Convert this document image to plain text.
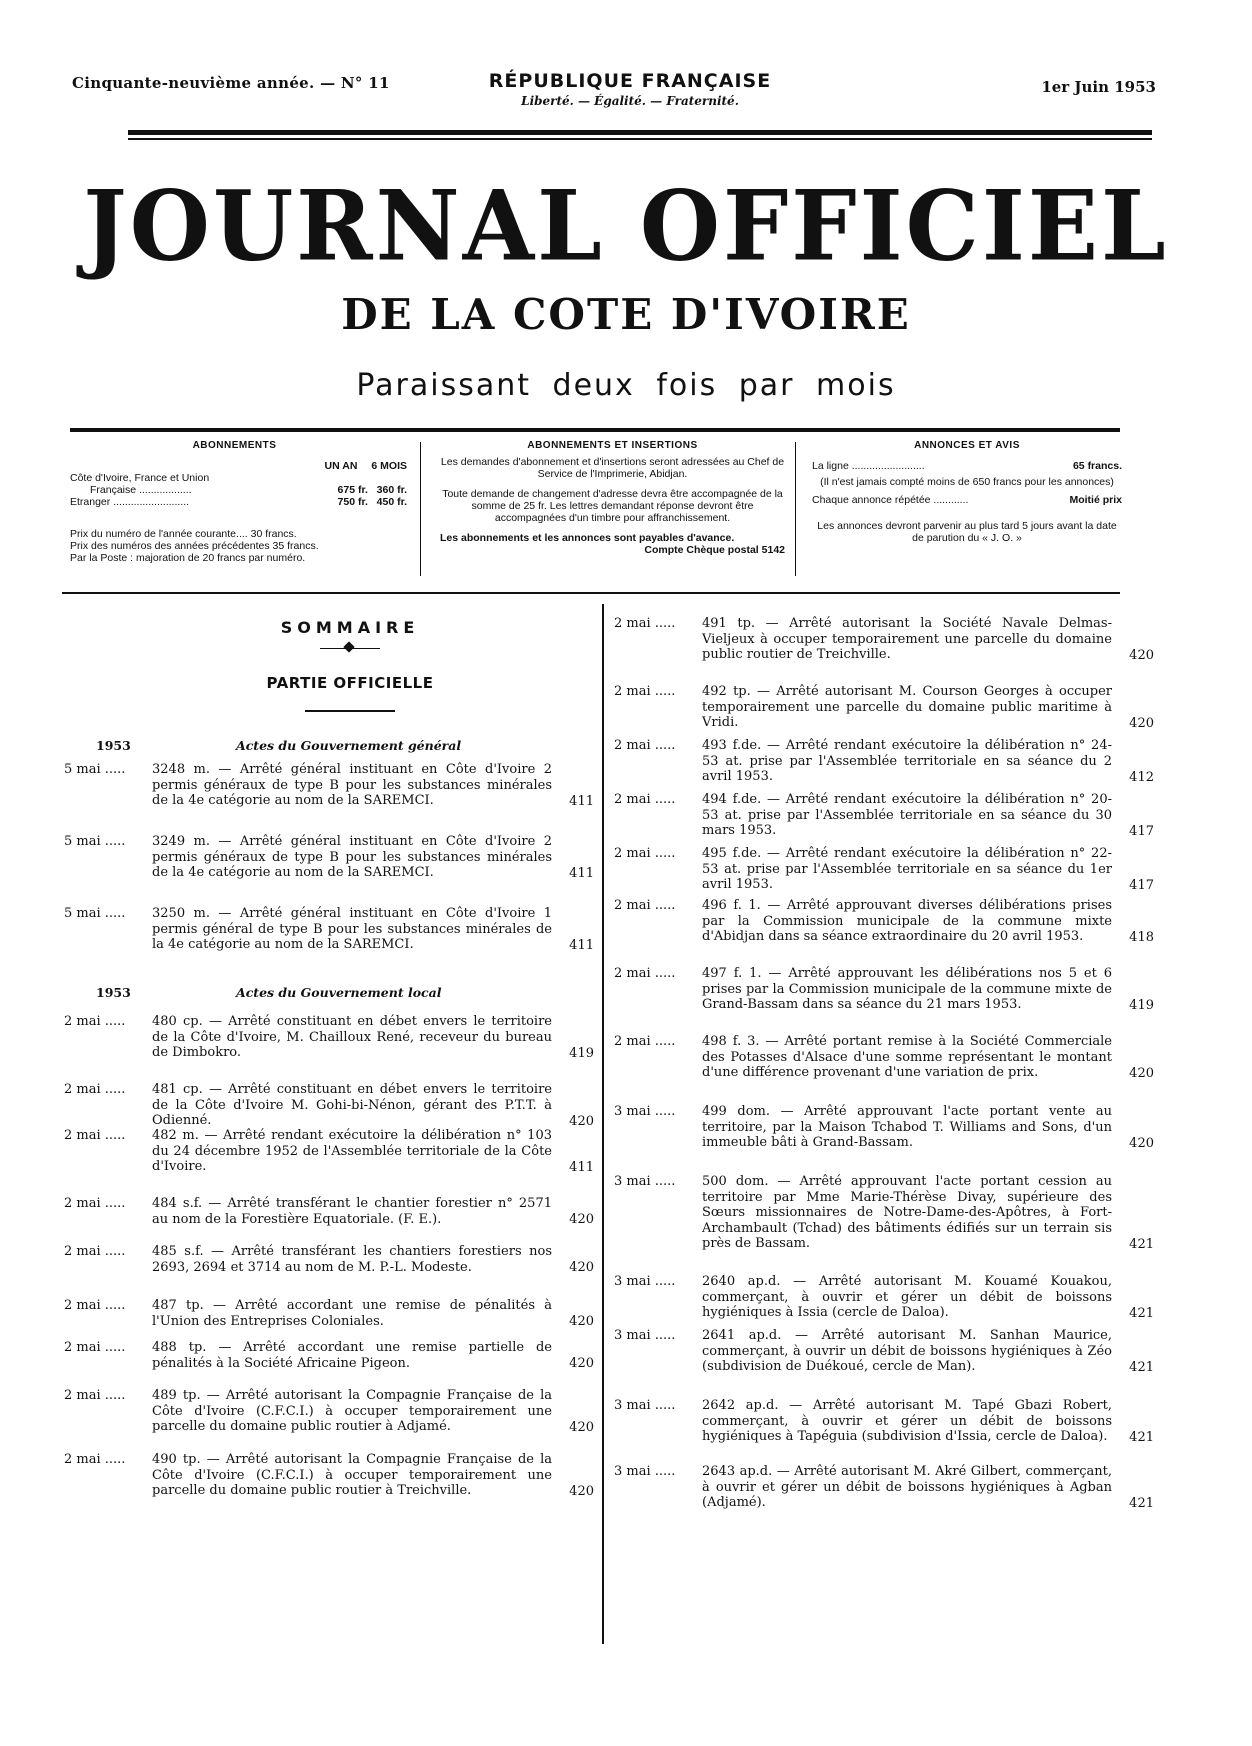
Cinquante-neuvième année. — N° 11	RÉPUBLIQUE FRANÇAISE
Liberté. — Égalité. — Fraternité.
1er Juin 1953
JOURNAL OFFICIEL
DE LA COTE D'IVOIRE
Paraissant deux fois par mois
ABONNEMENTS
UN AN 6 MOIS
Côte d'Ivoire, France et Union
Française ..................	675 fr. 360 fr.
Etranger ..........................	750 fr. 450 fr.
Prix du numéro de l'année courante.... 30 francs.
Prix des numéros des années précédentes 35 francs.
Par la Poste : majoration de 20 francs par numéro.
ABONNEMENTS ET INSERTIONS
Les demandes d'abonnement et d'insertions seront adressées au Chef de Service de l'Imprimerie, Abidjan.
Toute demande de changement d'adresse devra être accompagnée de la somme de 25 fr. Les lettres demandant réponse devront être accompagnées d'un timbre pour affranchissement.
Les abonnements et les annonces sont payables d'avance.
Compte Chèque postal 5142
ANNONCES ET AVIS
La ligne .........................	65 francs.
(Il n'est jamais compté moins de 650 francs pour les annonces)
Chaque annonce répétée ............	Moitié prix
Les annonces devront parvenir au plus tard 5 jours avant la date de parution du « J. O. »
SOMMAIRE
PARTIE OFFICIELLE
1953	Actes du Gouvernement général
1953	Actes du Gouvernement local
5 mai ..... 3248 m. — Arrêté général instituant en Côte d'Ivoire 2 permis généraux de type B pour les substances minérales de la 4e catégorie au nom de la SAREMCI.	411
5 mai ..... 3249 m. — Arrêté général instituant en Côte d'Ivoire 2 permis généraux de type B pour les substances minérales de la 4e catégorie au nom de la SAREMCI.	411
5 mai ..... 3250 m. — Arrêté général instituant en Côte d'Ivoire 1 permis général de type B pour les substances minérales de la 4e catégorie au nom de la SAREMCI.	411
2 mai ..... 480 cp. — Arrêté constituant en débet envers le territoire de la Côte d'Ivoire, M. Chailloux René, receveur du bureau de Dimbokro.	419
2 mai ..... 481 cp. — Arrêté constituant en débet envers le territoire de la Côte d'Ivoire M. Gohi-bi-Nénon, gérant des P.T.T. à Odienné.	420
2 mai ..... 482 m. — Arrêté rendant exécutoire la délibération n° 103 du 24 décembre 1952 de l'Assemblée territoriale de la Côte d'Ivoire.	411
2 mai ..... 484 s.f. — Arrêté transférant le chantier forestier n° 2571 au nom de la Forestière Equatoriale. (F. E.).	420
2 mai ..... 485 s.f. — Arrêté transférant les chantiers forestiers nos 2693, 2694 et 3714 au nom de M. P.-L. Modeste.	420
2 mai ..... 487 tp. — Arrêté accordant une remise de pénalités à l'Union des Entreprises Coloniales.	420
2 mai ..... 488 tp. — Arrêté accordant une remise partielle de pénalités à la Société Africaine Pigeon.	420
2 mai ..... 489 tp. — Arrêté autorisant la Compagnie Française de la Côte d'Ivoire (C.F.C.I.) à occuper temporairement une parcelle du domaine public routier à Adjamé.	420
2 mai ..... 490 tp. — Arrêté autorisant la Compagnie Française de la Côte d'Ivoire (C.F.C.I.) à occuper temporairement une parcelle du domaine public routier à Treichville.	420
2 mai ..... 491 tp. — Arrêté autorisant la Société Navale Delmas-Vieljeux à occuper temporairement une parcelle du domaine public routier de Treichville.	420
2 mai ..... 492 tp. — Arrêté autorisant M. Courson Georges à occuper temporairement une parcelle du domaine public maritime à Vridi.	420
2 mai ..... 493 f.de. — Arrêté rendant exécutoire la délibération n° 24-53 at. prise par l'Assemblée territoriale en sa séance du 2 avril 1953.	412
2 mai ..... 494 f.de. — Arrêté rendant exécutoire la délibération n° 20-53 at. prise par l'Assemblée territoriale en sa séance du 30 mars 1953.	417
2 mai ..... 495 f.de. — Arrêté rendant exécutoire la délibération n° 22-53 at. prise par l'Assemblée territoriale en sa séance du 1er avril 1953.	417
2 mai ..... 496 f. 1. — Arrêté approuvant diverses délibérations prises par la Commission municipale de la commune mixte d'Abidjan dans sa séance extraordinaire du 20 avril 1953.	418
2 mai ..... 497 f. 1. — Arrêté approuvant les délibérations nos 5 et 6 prises par la Commission municipale de la commune mixte de Grand-Bassam dans sa séance du 21 mars 1953.	419
2 mai ..... 498 f. 3. — Arrêté portant remise à la Société Commerciale des Potasses d'Alsace d'une somme représentant le montant d'une différence provenant d'une variation de prix.	420
3 mai ..... 499 dom. — Arrêté approuvant l'acte portant vente au territoire, par la Maison Tchabod T. Williams and Sons, d'un immeuble bâti à Grand-Bassam.	420
3 mai ..... 500 dom. — Arrêté approuvant l'acte portant cession au territoire par Mme Marie-Thérèse Divay, supérieure des Sœurs missionnaires de Notre-Dame-des-Apôtres, à Fort-Archambault (Tchad) des bâtiments édifiés sur un terrain sis près de Bassam.	421
3 mai ..... 2640 ap.d. — Arrêté autorisant M. Kouamé Kouakou, commerçant, à ouvrir et gérer un débit de boissons hygiéniques à Issia (cercle de Daloa).	421
3 mai ..... 2641 ap.d. — Arrêté autorisant M. Sanhan Maurice, commerçant, à ouvrir un débit de boissons hygiéniques à Zéo (subdivision de Duékoué, cercle de Man).	421
3 mai ..... 2642 ap.d. — Arrêté autorisant M. Tapé Gbazi Robert, commerçant, à ouvrir et gérer un débit de boissons hygiéniques à Tapéguia (subdivision d'Issia, cercle de Daloa).	421
3 mai ..... 2643 ap.d. — Arrêté autorisant M. Akré Gilbert, commerçant, à ouvrir et gérer un débit de boissons hygiéniques à Agban (Adjamé).	421
